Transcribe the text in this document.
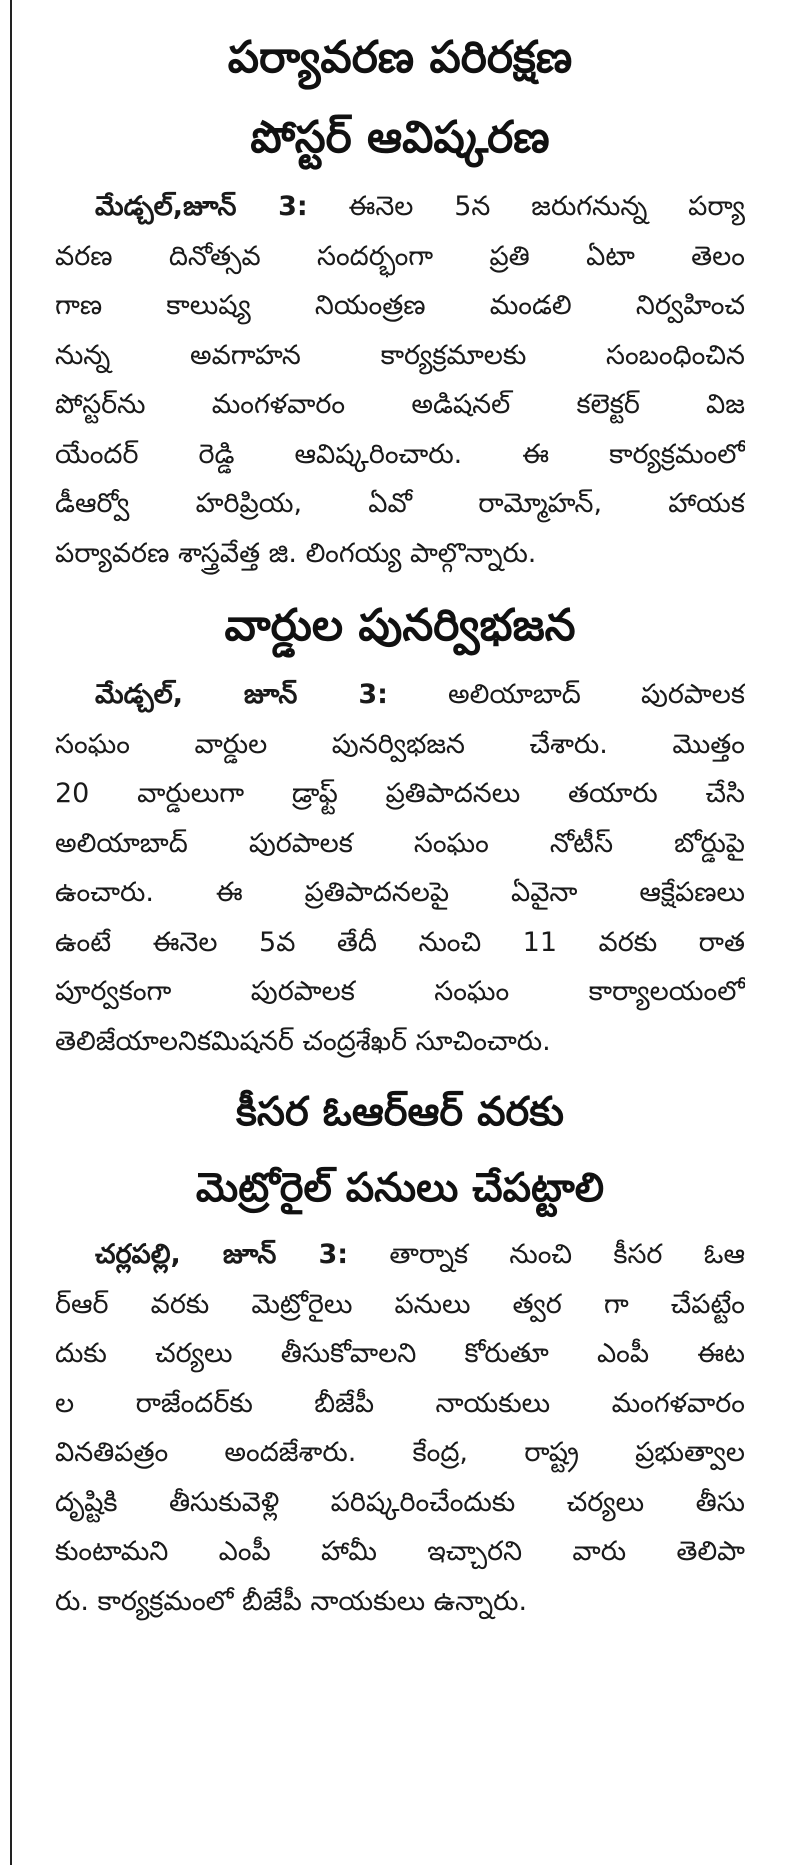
పర్యావరణ పరిరక్షణ
పోస్టర్ ఆవిష్కరణ
మేడ్చల్,జూన్ 3: ఈనెల 5న జరుగనున్న పర్యా
వరణ దినోత్సవ సందర్భంగా ప్రతి ఏటా తెలం
గాణ కాలుష్య నియంత్రణ మండలి నిర్వహించ
నున్న అవగాహన కార్యక్రమాలకు సంబంధించిన
పోస్టర్‌ను మంగళవారం అడిషనల్ కలెక్టర్ విజ
యేందర్ రెడ్డి ఆవిష్కరించారు. ఈ కార్యక్రమంలో
డీఆర్వో హరిప్రియ, ఏవో రామ్మోహన్, హాయక
పర్యావరణ శాస్త్రవేత్త జి. లింగయ్య పాల్గొన్నారు.
వార్డుల పునర్విభజన
మేడ్చల్, జూన్ 3: అలియాబాద్ పురపాలక
సంఘం వార్డుల పునర్విభజన చేశారు. మొత్తం
20 వార్డులుగా డ్రాఫ్ట్ ప్రతిపాదనలు తయారు చేసి
అలియాబాద్ పురపాలక సంఘం నోటీస్ బోర్డుపై
ఉంచారు. ఈ ప్రతిపాదనలపై ఏవైనా ఆక్షేపణలు
ఉంటే ఈనెల 5వ తేదీ నుంచి 11 వరకు రాత
పూర్వకంగా పురపాలక సంఘం కార్యాలయంలో
తెలిజేయాలనికమిషనర్ చంద్రశేఖర్ సూచించారు.
కీసర ఓఆర్ఆర్ వరకు
మెట్రోరైల్ పనులు చేపట్టాలి
చర్లపల్లి, జూన్ 3: తార్నాక నుంచి కీసర ఓఆ
ర్ఆర్ వరకు మెట్రోరైలు పనులు త్వర గా చేపట్టేం
దుకు చర్యలు తీసుకోవాలని కోరుతూ ఎంపీ ఈట
ల రాజేందర్‌కు బీజేపీ నాయకులు మంగళవారం
వినతిపత్రం అందజేశారు. కేంద్ర, రాష్ట్ర ప్రభుత్వాల
దృష్టికి తీసుకువెళ్లి పరిష్కరించేందుకు చర్యలు తీసు
కుంటామని ఎంపీ హామీ ఇచ్చారని వారు తెలిపా
రు. కార్యక్రమంలో బీజేపీ నాయకులు ఉన్నారు.
